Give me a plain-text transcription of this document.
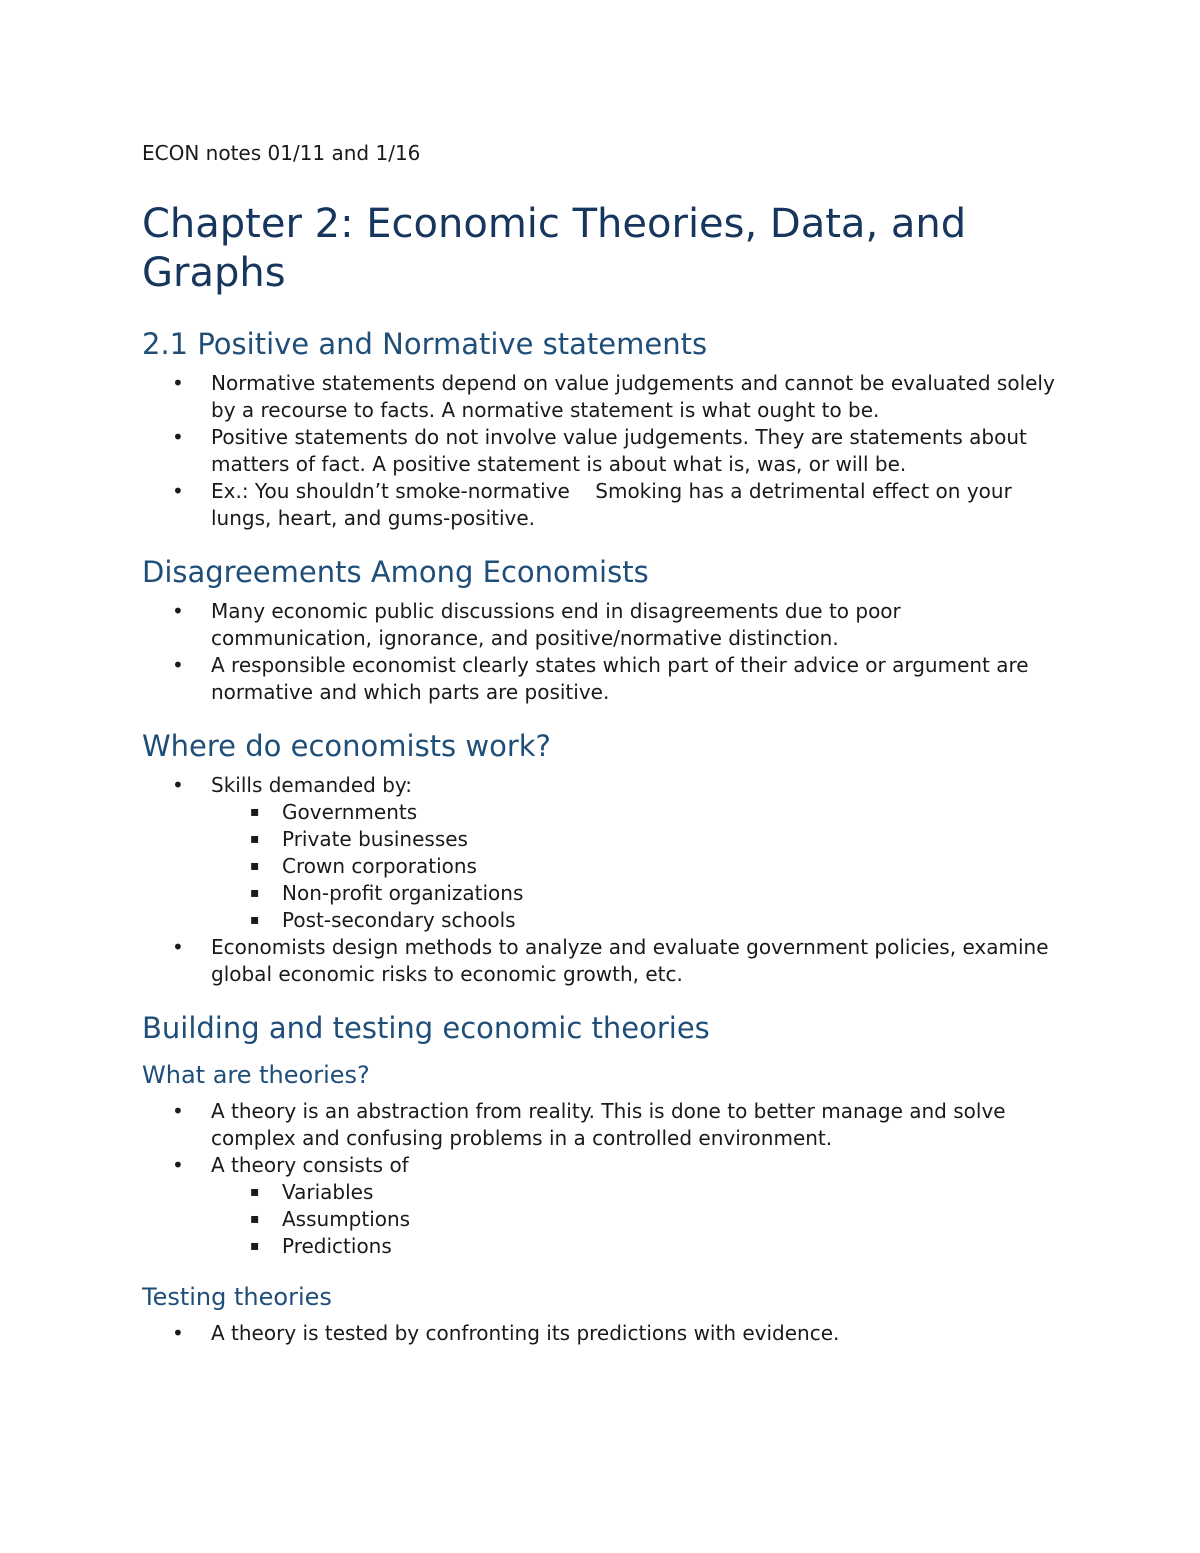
ECON notes 01/11 and 1/16
Chapter 2: Economic Theories, Data, and Graphs
2.1 Positive and Normative statements
• Normative statements depend on value judgements and cannot be evaluated solely by a recourse to facts. A normative statement is what ought to be.
• Positive statements do not involve value judgements. They are statements about matters of fact. A positive statement is about what is, was, or will be.
• Ex.: You shouldn’t smoke-normative    Smoking has a detrimental effect on your lungs, heart, and gums-positive.
Disagreements Among Economists
• Many economic public discussions end in disagreements due to poor communication, ignorance, and positive/normative distinction.
• A responsible economist clearly states which part of their advice or argument are normative and which parts are positive.
Where do economists work?
• Skills demanded by:
▪ Governments
▪ Private businesses
▪ Crown corporations
▪ Non-profit organizations
▪ Post-secondary schools
• Economists design methods to analyze and evaluate government policies, examine global economic risks to economic growth, etc.
Building and testing economic theories
What are theories?
• A theory is an abstraction from reality. This is done to better manage and solve complex and confusing problems in a controlled environment.
• A theory consists of
▪ Variables
▪ Assumptions
▪ Predictions
Testing theories
• A theory is tested by confronting its predictions with evidence.
